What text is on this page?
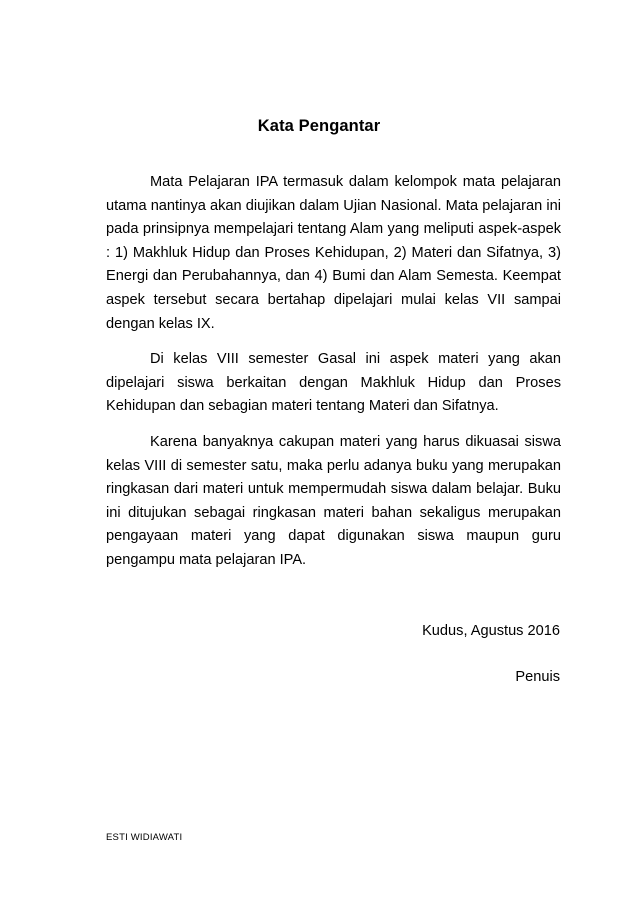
Kata Pengantar

Mata Pelajaran IPA termasuk dalam kelompok mata pelajaran utama nantinya akan diujikan dalam Ujian Nasional. Mata pelajaran ini pada prinsipnya mempelajari tentang Alam yang meliputi aspek-aspek : 1) Makhluk Hidup dan Proses Kehidupan, 2) Materi dan Sifatnya, 3) Energi dan Perubahannya, dan 4) Bumi dan Alam Semesta. Keempat aspek tersebut secara bertahap dipelajari mulai kelas VII sampai dengan kelas IX.

Di kelas VIII semester Gasal ini aspek materi yang akan dipelajari siswa berkaitan dengan Makhluk Hidup dan Proses Kehidupan dan sebagian materi tentang Materi dan Sifatnya.

Karena banyaknya cakupan materi yang harus dikuasai siswa kelas VIII di semester satu, maka perlu adanya buku yang merupakan ringkasan dari materi untuk mempermudah siswa dalam belajar. Buku ini ditujukan sebagai ringkasan materi bahan sekaligus merupakan pengayaan materi yang dapat digunakan siswa maupun guru pengampu mata pelajaran IPA.

Kudus, Agustus 2016
Penuis
ESTI WIDIAWATI
